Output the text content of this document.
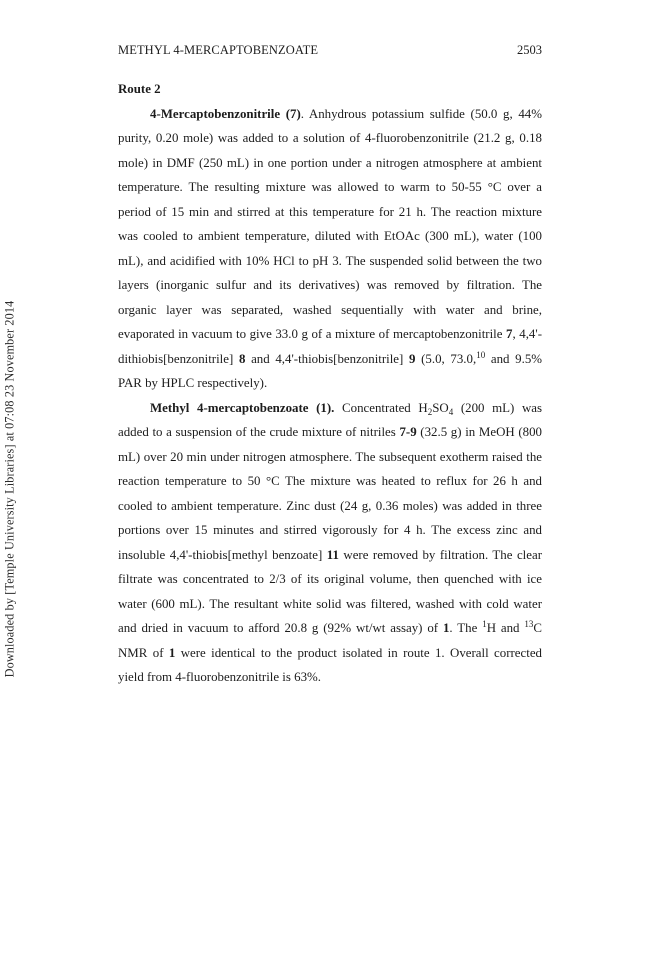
Downloaded by [Temple University Libraries] at 07:08 23 November 2014
METHYL 4-MERCAPTOBENZOATE	2503

Route 2

4-Mercaptobenzonitrile (7). Anhydrous potassium sulfide (50.0 g, 44% purity, 0.20 mole) was added to a solution of 4-fluorobenzonitrile (21.2 g, 0.18 mole) in DMF (250 mL) in one portion under a nitrogen atmosphere at ambient temperature. The resulting mixture was allowed to warm to 50-55 °C over a period of 15 min and stirred at this temperature for 21 h. The reaction mixture was cooled to ambient temperature, diluted with EtOAc (300 mL), water (100 mL), and acidified with 10% HCl to pH 3. The suspended solid between the two layers (inorganic sulfur and its derivatives) was removed by filtration. The organic layer was separated, washed sequentially with water and brine, evaporated in vacuum to give 33.0 g of a mixture of mercaptobenzonitrile 7, 4,4'-dithiobis[benzonitrile] 8 and 4,4'-thiobis[benzonitrile] 9 (5.0, 73.0,10 and 9.5% PAR by HPLC respectively).

Methyl 4-mercaptobenzoate (1). Concentrated $H_2SO_4$ (200 mL) was added to a suspension of the crude mixture of nitriles 7-9 (32.5 g) in MeOH (800 mL) over 20 min under nitrogen atmosphere. The subsequent exotherm raised the reaction temperature to 50 °C The mixture was heated to reflux for 26 h and cooled to ambient temperature. Zinc dust (24 g, 0.36 moles) was added in three portions over 15 minutes and stirred vigorously for 4 h. The excess zinc and insoluble 4,4'-thiobis[methyl benzoate] 11 were removed by filtration. The clear filtrate was concentrated to 2/3 of its original volume, then quenched with ice water (600 mL). The resultant white solid was filtered, washed with cold water and dried in vacuum to afford 20.8 g (92% wt/wt assay) of 1. The $^1$H and $^{13}$C NMR of 1 were identical to the product isolated in route 1. Overall corrected yield from 4-fluorobenzonitrile is 63%.
